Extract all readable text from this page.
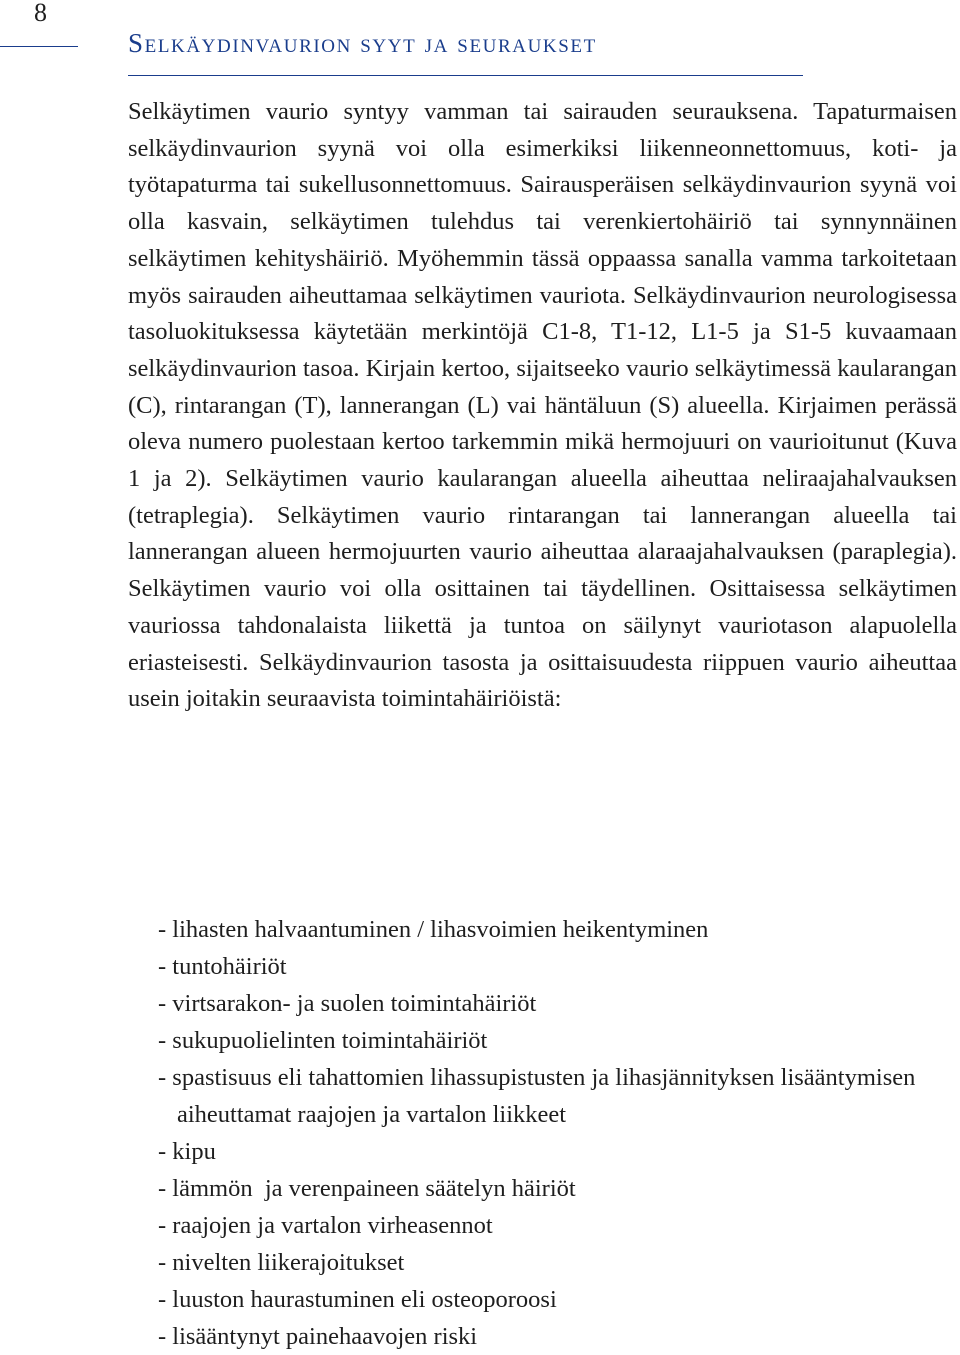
8
Selkäydinvaurion syyt ja seuraukset

Selkäytimen vaurio syntyy vamman tai sairauden seurauksena. Tapaturmaisen selkäydinvaurion syynä voi olla esimerkiksi liikenneonnettomuus, koti- ja työtapaturma tai sukellusonnettomuus. Sairausperäisen selkäydinvaurion syynä voi olla kasvain, selkäytimen tulehdus tai verenkiertohäiriö tai synnynnäinen selkäytimen kehityshäiriö. Myöhemmin tässä oppaassa sanalla vamma tarkoitetaan myös sairauden aiheuttamaa selkäytimen vauriota. Selkäydinvaurion neurologisessa tasoluokituksessa käytetään merkintöjä C1-8, T1-12, L1-5 ja S1-5 kuvaamaan selkäydinvaurion tasoa. Kirjain kertoo, sijaitseeko vaurio selkäytimessä kaularangan (C), rintarangan (T), lannerangan (L) vai häntäluun (S) alueella. Kirjaimen perässä oleva numero puolestaan kertoo tarkemmin mikä hermojuuri on vaurioitunut (Kuva 1 ja 2). Selkäytimen vaurio kaularangan alueella aiheuttaa neliraajahalvauksen (tetraplegia). Selkäytimen vaurio rintarangan tai lannerangan alueella tai lannerangan alueen hermojuurten vaurio aiheuttaa alaraajahalvauksen (paraplegia). Selkäytimen vaurio voi olla osittainen tai täydellinen. Osittaisessa selkäytimen vauriossa tahdonalaista liikettä ja tuntoa on säilynyt vauriotason alapuolella eriasteisesti. Selkäydinvaurion tasosta ja osittaisuudesta riippuen vaurio aiheuttaa usein joitakin seuraavista toimintahäiriöistä:

- lihasten halvaantuminen / lihasvoimien heikentyminen
- tuntohäiriöt
- virtsarakon- ja suolen toimintahäiriöt
- sukupuolielinten toimintahäiriöt
- spastisuus eli tahattomien lihassupistusten ja lihasjännityksen lisääntymisen aiheuttamat raajojen ja vartalon liikkeet
- kipu
- lämmön  ja verenpaineen säätelyn häiriöt
- raajojen ja vartalon virheasennot
- nivelten liikerajoitukset
- luuston haurastuminen eli osteoporoosi
- lisääntynyt painehaavojen riski
